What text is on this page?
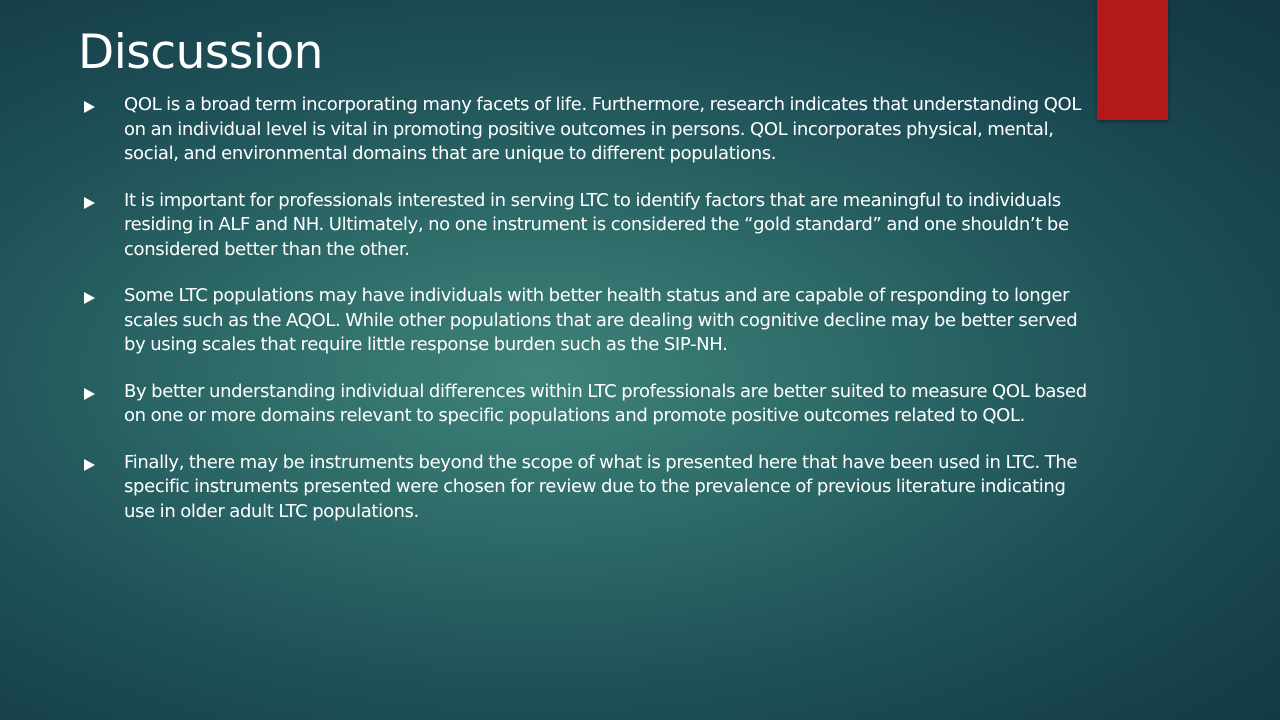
Discussion
QOL is a broad term incorporating many facets of life. Furthermore, research indicates that understanding QOL on an individual level is vital in promoting positive outcomes in persons. QOL incorporates physical, mental, social, and environmental domains that are unique to different populations.
It is important for professionals interested in serving LTC to identify factors that are meaningful to individuals residing in ALF and NH. Ultimately, no one instrument is considered the “gold standard” and one shouldn’t be considered better than the other.
Some LTC populations may have individuals with better health status and are capable of responding to longer scales such as the AQOL. While other populations that are dealing with cognitive decline may be better served by using scales that require little response burden such as the SIP-NH.
By better understanding individual differences within LTC professionals are better suited to measure QOL based on one or more domains relevant to specific populations and promote positive outcomes related to QOL.
Finally, there may be instruments beyond the scope of what is presented here that have been used in LTC. The specific instruments presented were chosen for review due to the prevalence of previous literature indicating use in older adult LTC populations.
